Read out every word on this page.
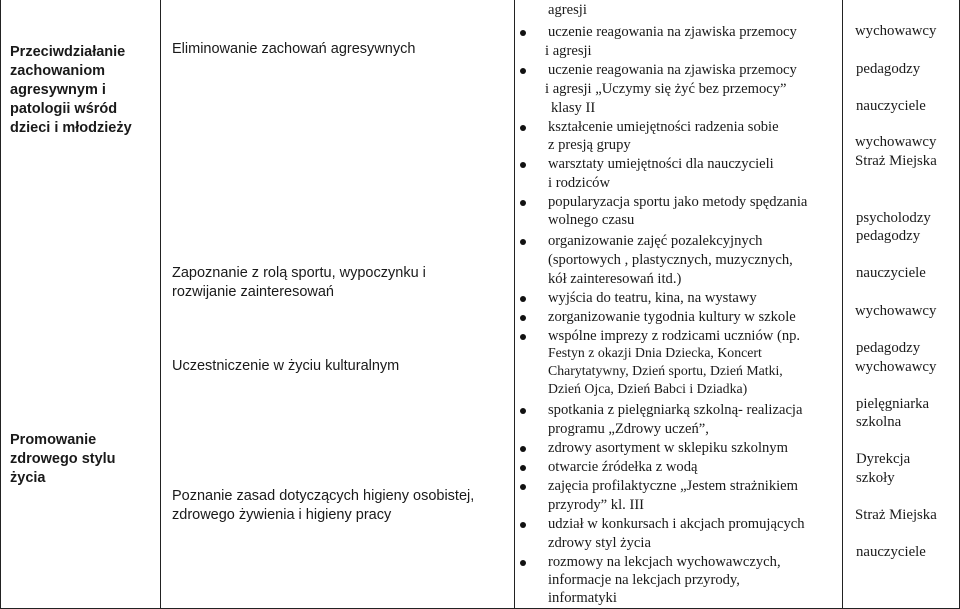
Przeciwdziałanie
zachowaniom
agresywnym i
patologii wśród
dzieci i młodzieży
Promowanie
zdrowego stylu
życia
Eliminowanie zachowań agresywnych
Zapoznanie z rolą sportu, wypoczynku i
rozwijanie zainteresowań
Uczestniczenie w życiu kulturalnym
Poznanie zasad dotyczących higieny osobistej,
zdrowego żywienia i higieny pracy
agresji
uczenie reagowania na zjawiska przemocy
i agresji
uczenie reagowania na zjawiska przemocy
i agresji „Uczymy się żyć bez przemocy”
klasy II
kształcenie umiejętności radzenia sobie
z presją grupy
warsztaty umiejętności dla nauczycieli
i rodziców
popularyzacja sportu jako metody spędzania
wolnego czasu
organizowanie zajęć pozalekcyjnych
(sportowych , plastycznych, muzycznych,
kół zainteresowań itd.)
wyjścia do teatru, kina, na wystawy
zorganizowanie tygodnia kultury w szkole
wspólne imprezy z rodzicami uczniów (np.
Festyn z okazji Dnia Dziecka, Koncert
Charytatywny, Dzień sportu, Dzień Matki,
Dzień Ojca, Dzień Babci i Dziadka)
spotkania z pielęgniarką szkolną- realizacja
programu „Zdrowy uczeń”,
zdrowy asortyment w sklepiku szkolnym
otwarcie źródełka z wodą
zajęcia profilaktyczne „Jestem strażnikiem
przyrody” kl. III
udział w konkursach i akcjach promujących
zdrowy styl życia
rozmowy na lekcjach wychowawczych,
informacje na lekcjach przyrody,
informatyki
wychowawcy
pedagodzy
nauczyciele
wychowawcy
Straż Miejska
psycholodzy
pedagodzy
nauczyciele
wychowawcy
pedagodzy
wychowawcy
pielęgniarka
szkolna
Dyrekcja
szkoły
Straż Miejska
nauczyciele
